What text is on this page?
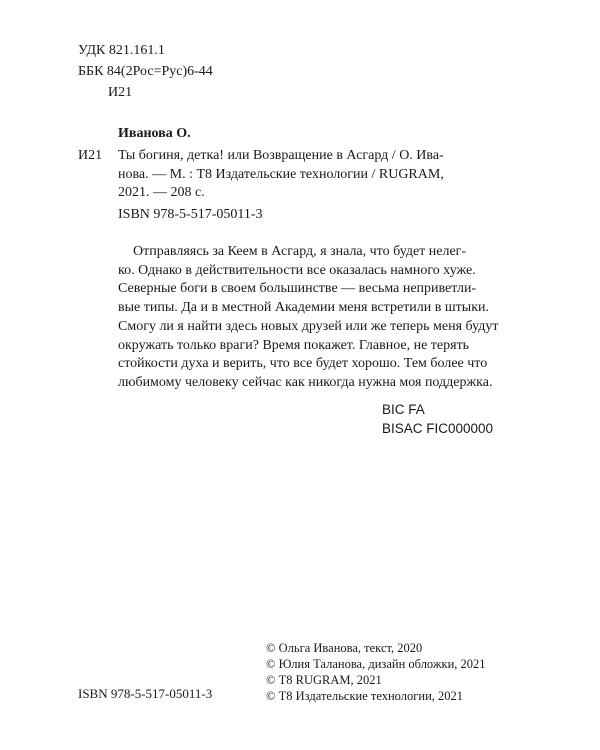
УДК 821.161.1
ББК 84(2Рос=Рус)6-44
И21
Иванова О.
И21 Ты богиня, детка! или Возвращение в Асгард / О. Ива-
нова. — М. : Т8 Издательские технологии / RUGRAM,
2021. — 208 с.
ISBN 978-5-517-05011-3
Отправляясь за Кеем в Асгард, я знала, что будет нелег-
ко. Однако в действительности все оказалась намного хуже.
Северные боги в своем большинстве — весьма неприветли-
вые типы. Да и в местной Академии меня встретили в штыки.
Смогу ли я найти здесь новых друзей или же теперь меня будут
окружать только враги? Время покажет. Главное, не терять
стойкости духа и верить, что все будет хорошо. Тем более что
любимому человеку сейчас как никогда нужна моя поддержка.
BIC FA
BISAC FIC000000
© Ольга Иванова, текст, 2020
© Юлия Таланова, дизайн обложки, 2021
© Т8 RUGRAM, 2021
© Т8 Издательские технологии, 2021
ISBN 978-5-517-05011-3
